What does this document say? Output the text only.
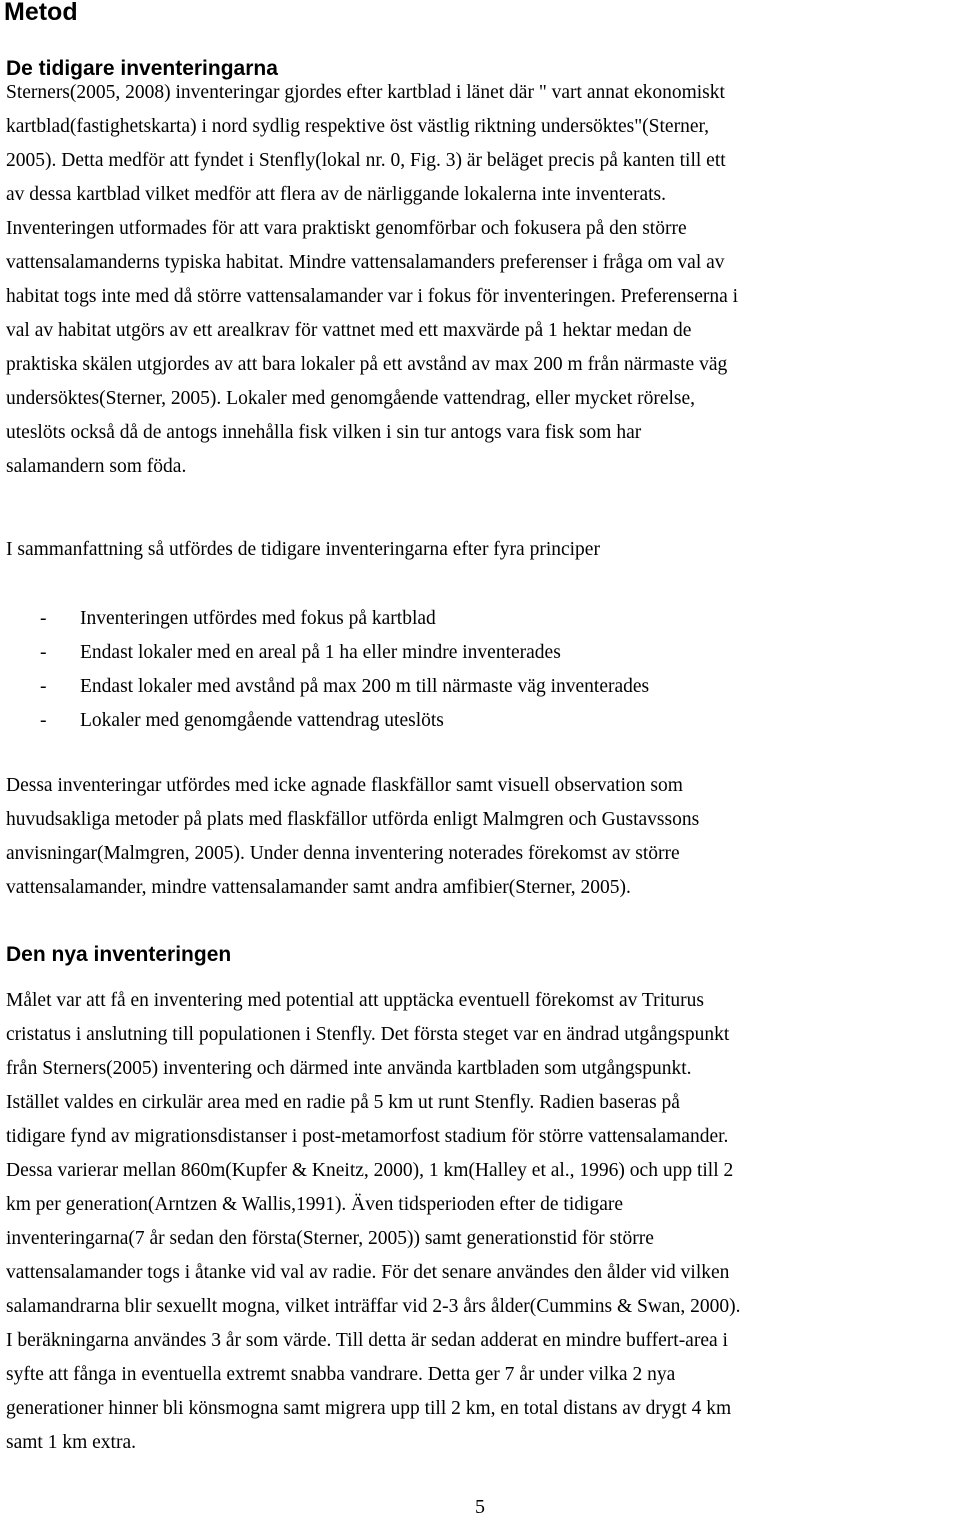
Metod
De tidigare inventeringarna

Sterners(2005, 2008) inventeringar gjordes efter kartblad i länet där " vart annat ekonomiskt
kartblad(fastighetskarta) i nord sydlig respektive öst västlig riktning undersöktes"(Sterner,
2005). Detta medför att fyndet i Stenfly(lokal nr. 0, Fig. 3) är beläget precis på kanten till ett
av dessa kartblad vilket medför att flera av de närliggande lokalerna inte inventerats.
Inventeringen utformades för att vara praktiskt genomförbar och fokusera på den större
vattensalamanderns typiska habitat. Mindre vattensalamanders preferenser i fråga om val av
habitat togs inte med då större vattensalamander var i fokus för inventeringen. Preferenserna i
val av habitat utgörs av ett arealkrav för vattnet med ett maxvärde på 1 hektar medan de
praktiska skälen utgjordes av att bara lokaler på ett avstånd av max 200 m från närmaste väg
undersöktes(Sterner, 2005). Lokaler med genomgående vattendrag, eller mycket rörelse,
uteslöts också då de antogs innehålla fisk vilken i sin tur antogs vara fisk som har
salamandern som föda.

I sammanfattning så utfördes de tidigare inventeringarna efter fyra principer

- Inventeringen utfördes med fokus på kartblad
- Endast lokaler med en areal på 1 ha eller mindre inventerades
- Endast lokaler med avstånd på max 200 m till närmaste väg inventerades
- Lokaler med genomgående vattendrag uteslöts

Dessa inventeringar utfördes med icke agnade flaskfällor samt visuell observation som
huvudsakliga metoder på plats med flaskfällor utförda enligt Malmgren och Gustavssons
anvisningar(Malmgren, 2005). Under denna inventering noterades förekomst av större
vattensalamander, mindre vattensalamander samt andra amfibier(Sterner, 2005).

Den nya inventeringen

Målet var att få en inventering med potential att upptäcka eventuell förekomst av Triturus
cristatus i anslutning till populationen i Stenfly. Det första steget var en ändrad utgångspunkt
från Sterners(2005) inventering och därmed inte använda kartbladen som utgångspunkt.
Istället valdes en cirkulär area med en radie på 5 km ut runt Stenfly. Radien baseras på
tidigare fynd av migrationsdistanser i post-metamorfost stadium för större vattensalamander.
Dessa varierar mellan 860m(Kupfer & Kneitz, 2000), 1 km(Halley et al., 1996) och upp till 2
km per generation(Arntzen & Wallis,1991). Även tidsperioden efter de tidigare
inventeringarna(7 år sedan den första(Sterner, 2005)) samt generationstid för större
vattensalamander togs i åtanke vid val av radie. För det senare användes den ålder vid vilken
salamandrarna blir sexuellt mogna, vilket inträffar vid 2-3 års ålder(Cummins & Swan, 2000).
I beräkningarna användes 3 år som värde. Till detta är sedan adderat en mindre buffert-area i
syfte att fånga in eventuella extremt snabba vandrare. Detta ger 7 år under vilka 2 nya
generationer hinner bli könsmogna samt migrera upp till 2 km, en total distans av drygt 4 km
samt 1 km extra.

5
